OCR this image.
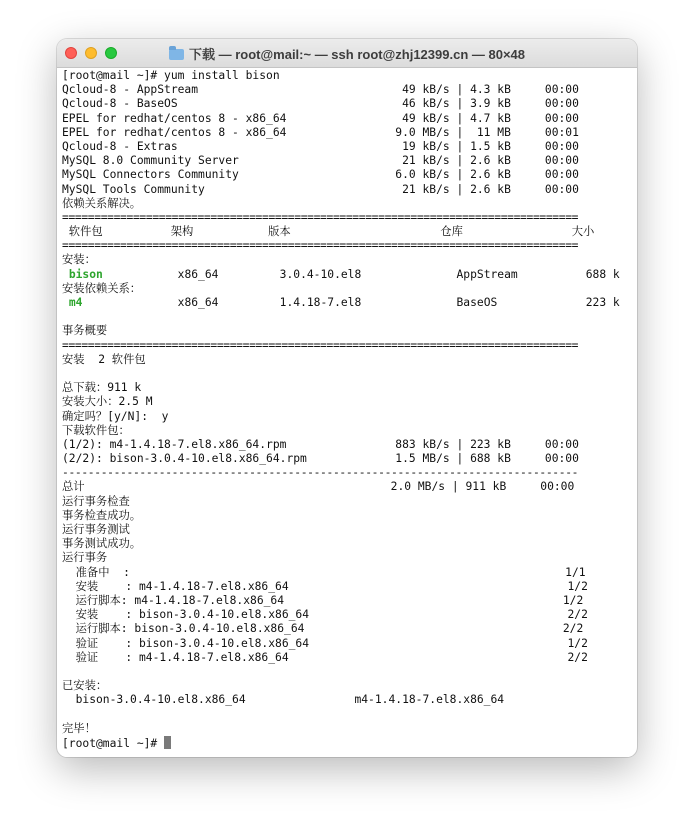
下载 — root@mail:~ — ssh root@zhj12399.cn — 80×48
[root@mail ~]# yum install bison
Qcloud-8 - AppStream                              49 kB/s | 4.3 kB     00:00
Qcloud-8 - BaseOS                                 46 kB/s | 3.9 kB     00:00
EPEL for redhat/centos 8 - x86_64                 49 kB/s | 4.7 kB     00:00
EPEL for redhat/centos 8 - x86_64                9.0 MB/s |  11 MB     00:01
Qcloud-8 - Extras                                 19 kB/s | 1.5 kB     00:00
MySQL 8.0 Community Server                        21 kB/s | 2.6 kB     00:00
MySQL Connectors Community                       6.0 kB/s | 2.6 kB     00:00
MySQL Tools Community                             21 kB/s | 2.6 kB     00:00
依赖关系解决。
================================================================================
软件包          架构           版本                      仓库                大小
================================================================================
安装：
bison           x86_64         3.0.4-10.el8              AppStream          688 k
安装依赖关系：
m4              x86_64         1.4.18-7.el8              BaseOS             223 k
事务概要
================================================================================
安装  2 软件包
总下载：911 k
安装大小：2.5 M
确定吗？[y/N]:  y
下载软件包：
(1/2): m4-1.4.18-7.el8.x86_64.rpm                883 kB/s | 223 kB     00:00
(2/2): bison-3.0.4-10.el8.x86_64.rpm             1.5 MB/s | 688 kB     00:00
--------------------------------------------------------------------------------
总计                                             2.0 MB/s | 911 kB     00:00
运行事务检查
事务检查成功。
运行事务测试
事务测试成功。
运行事务
准备中  :                                                                1/1
安装    : m4-1.4.18-7.el8.x86_64                                         1/2
运行脚本: m4-1.4.18-7.el8.x86_64                                         1/2
安装    : bison-3.0.4-10.el8.x86_64                                      2/2
运行脚本: bison-3.0.4-10.el8.x86_64                                      2/2
验证    : bison-3.0.4-10.el8.x86_64                                      1/2
验证    : m4-1.4.18-7.el8.x86_64                                         2/2
已安装：
bison-3.0.4-10.el8.x86_64                m4-1.4.18-7.el8.x86_64
完毕！
[root@mail ~]#
